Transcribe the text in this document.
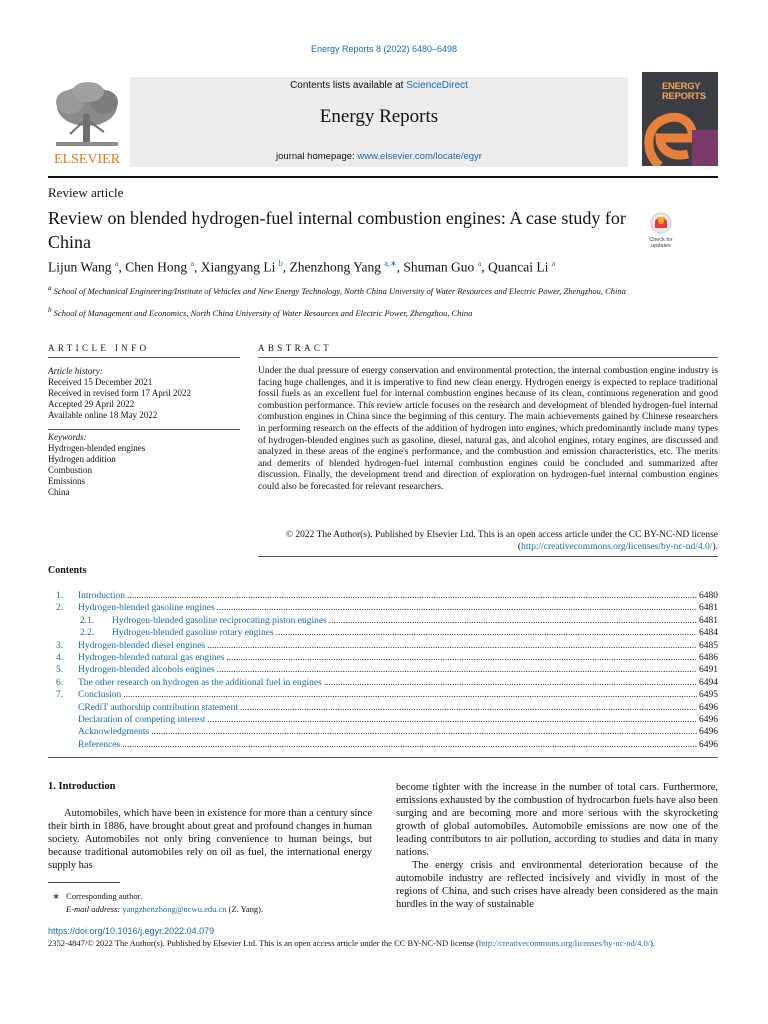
Energy Reports 8 (2022) 6480–6498
Contents lists available at ScienceDirect
Energy Reports
journal homepage: www.elsevier.com/locate/egyr
ELSEVIER
ENERGY
REPORTS
Review article
Review on blended hydrogen-fuel internal combustion engines: A case study for China	Check for
updates
Lijun Wang $^a$, Chen Hong $^a$, Xiangyang Li $^b$, Zhenzhong Yang $^{a,∗}$, Shuman Guo $^a$, Quancai Li $^a$
$^a$ School of Mechanical Engineering/Institute of Vehicles and New Energy Technology, North China University of Water Resources and Electric Power, Zhengzhou, China
$^b$ School of Management and Economics, North China University of Water Resources and Electric Power, Zhengzhou, China
ARTICLE INFO	ABSTRACT
Article history:
Received 15 December 2021
Received in revised form 17 April 2022
Accepted 29 April 2022
Available online 18 May 2022
Keywords:
Hydrogen-blended engines
Hydrogen addition
Combustion
Emissions
China
Under the dual pressure of energy conservation and environmental protection, the internal combustion engine industry is facing huge challenges, and it is imperative to find new clean energy. Hydrogen energy is expected to replace traditional fossil fuels as an excellent fuel for internal combustion engines because of its clean, continuous regeneration and good combustion performance. This review article focuses on the research and development of blended hydrogen-fuel internal combustion engines in China since the beginning of this century. The main achievements gained by Chinese researchers in performing research on the effects of the addition of hydrogen into engines, which predominantly include many types of hydrogen-blended engines such as gasoline, diesel, natural gas, and alcohol engines, rotary engines, are discussed and analyzed in these areas of the engine's performance, and the combustion and emission characteristics, etc. The merits and demerits of blended hydrogen-fuel internal combustion engines could be concluded and summarized after discussion. Finally, the development trend and direction of exploration on hydrogen-fuel internal combustion engines could also be forecasted for relevant researchers.
© 2022 The Author(s). Published by Elsevier Ltd. This is an open access article under the CC BY-NC-ND license (http://creativecommons.org/licenses/by-nc-nd/4.0/).
Contents
1.	Introduction .....	6480
2.	Hydrogen-blended gasoline engines .....	6481
2.1.	Hydrogen-blended gasoline reciprocating piston engines .....	6481
2.2.	Hydrogen-blended gasoline rotary engines .....	6484
3.	Hydrogen-blended diesel engines .....	6485
4.	Hydrogen-blended natural gas engines .....	6486
5.	Hydrogen-blended alcohols engines .....	6491
6.	The other research on hydrogen as the additional fuel in engines .....	6494
7.	Conclusion .....	6495
CRediT authorship contribution statement .....	6496
Declaration of competing interest .....	6496
Acknowledgments .....	6496
References .....	6496
1. Introduction
Automobiles, which have been in existence for more than a century since their birth in 1886, have brought about great and profound changes in human society. Automobiles not only bring convenience to human beings, but because traditional automobiles rely on oil as fuel, the international energy supply has

become tighter with the increase in the number of total cars. Furthermore, emissions exhausted by the combustion of hydrocarbon fuels have also been surging and are becoming more and more serious with the skyrocketing growth of global automobiles. Automobile emissions are now one of the leading contributors to air pollution, according to studies and data in many nations.

The energy crisis and environmental deterioration because of the automobile industry are reflected incisively and vividly in most of the regions of China, and such crises have already been considered as the main hurdles in the way of sustainable

∗ Corresponding author.
E-mail address: yangzhenzhong@ncwu.edu.cn (Z. Yang).
https://doi.org/10.1016/j.egyr.2022.04.079
2352-4847/© 2022 The Author(s). Published by Elsevier Ltd. This is an open access article under the CC BY-NC-ND license (http://creativecommons.org/licenses/by-nc-nd/4.0/).
